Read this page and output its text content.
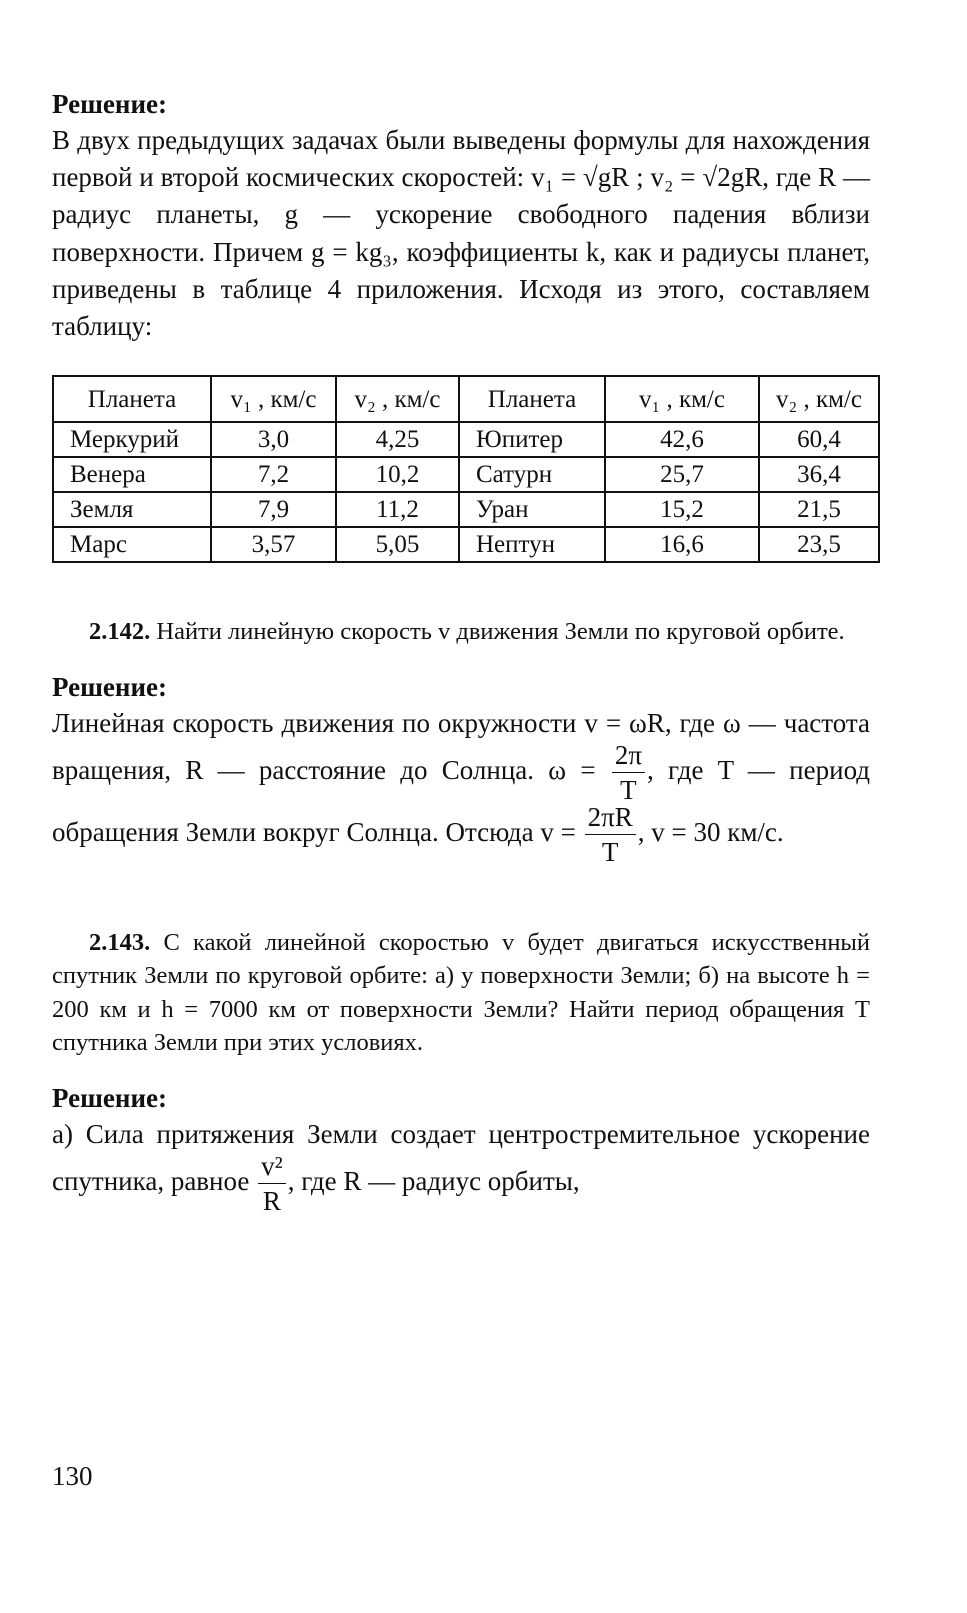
Решение:

В двух предыдущих задачах были выведены формулы для нахождения первой и второй космических скоростей: v₁ = √gR ; v₂ = √2gR, где R — радиус планеты, g — ускорение свободного падения вблизи поверхности. Причем g = kg₃, коэффициенты k, как и радиусы планет, приведены в таблице 4 приложения. Исходя из этого, составляем таблицу:

Планета	v₁ , км/с	v₂ , км/с	Планета	v₁ , км/с	v₂ , км/с
Меркурий	3,0	4,25	Юпитер	42,6	60,4
Венера	7,2	10,2	Сатурн	25,7	36,4
Земля	7,9	11,2	Уран	15,2	21,5
Марс	3,57	5,05	Нептун	16,6	23,5

2.142. Найти линейную скорость v движения Земли по круговой орбите.

Решение:

Линейная скорость движения по окружности v = ωR, где ω — частота вращения, R — расстояние до Солнца. $\omega = \frac{2\pi}{T}$ , где T — период обращения Земли вокруг Солнца. Отсюда $v = \frac{2\pi R}{T}$ , v = 30 км/с.

2.143. С какой линейной скоростью v будет двигаться искусственный спутник Земли по круговой орбите: а) у поверхности Земли; б) на высоте h = 200 км и h = 7000 км от поверхности Земли? Найти период обращения T спутника Земли при этих условиях.

Решение:

а) Сила притяжения Земли создает центростремительное ускорение спутника, равное $\frac{\text{v²}}{R}$ , где R — радиус орбиты,

130
